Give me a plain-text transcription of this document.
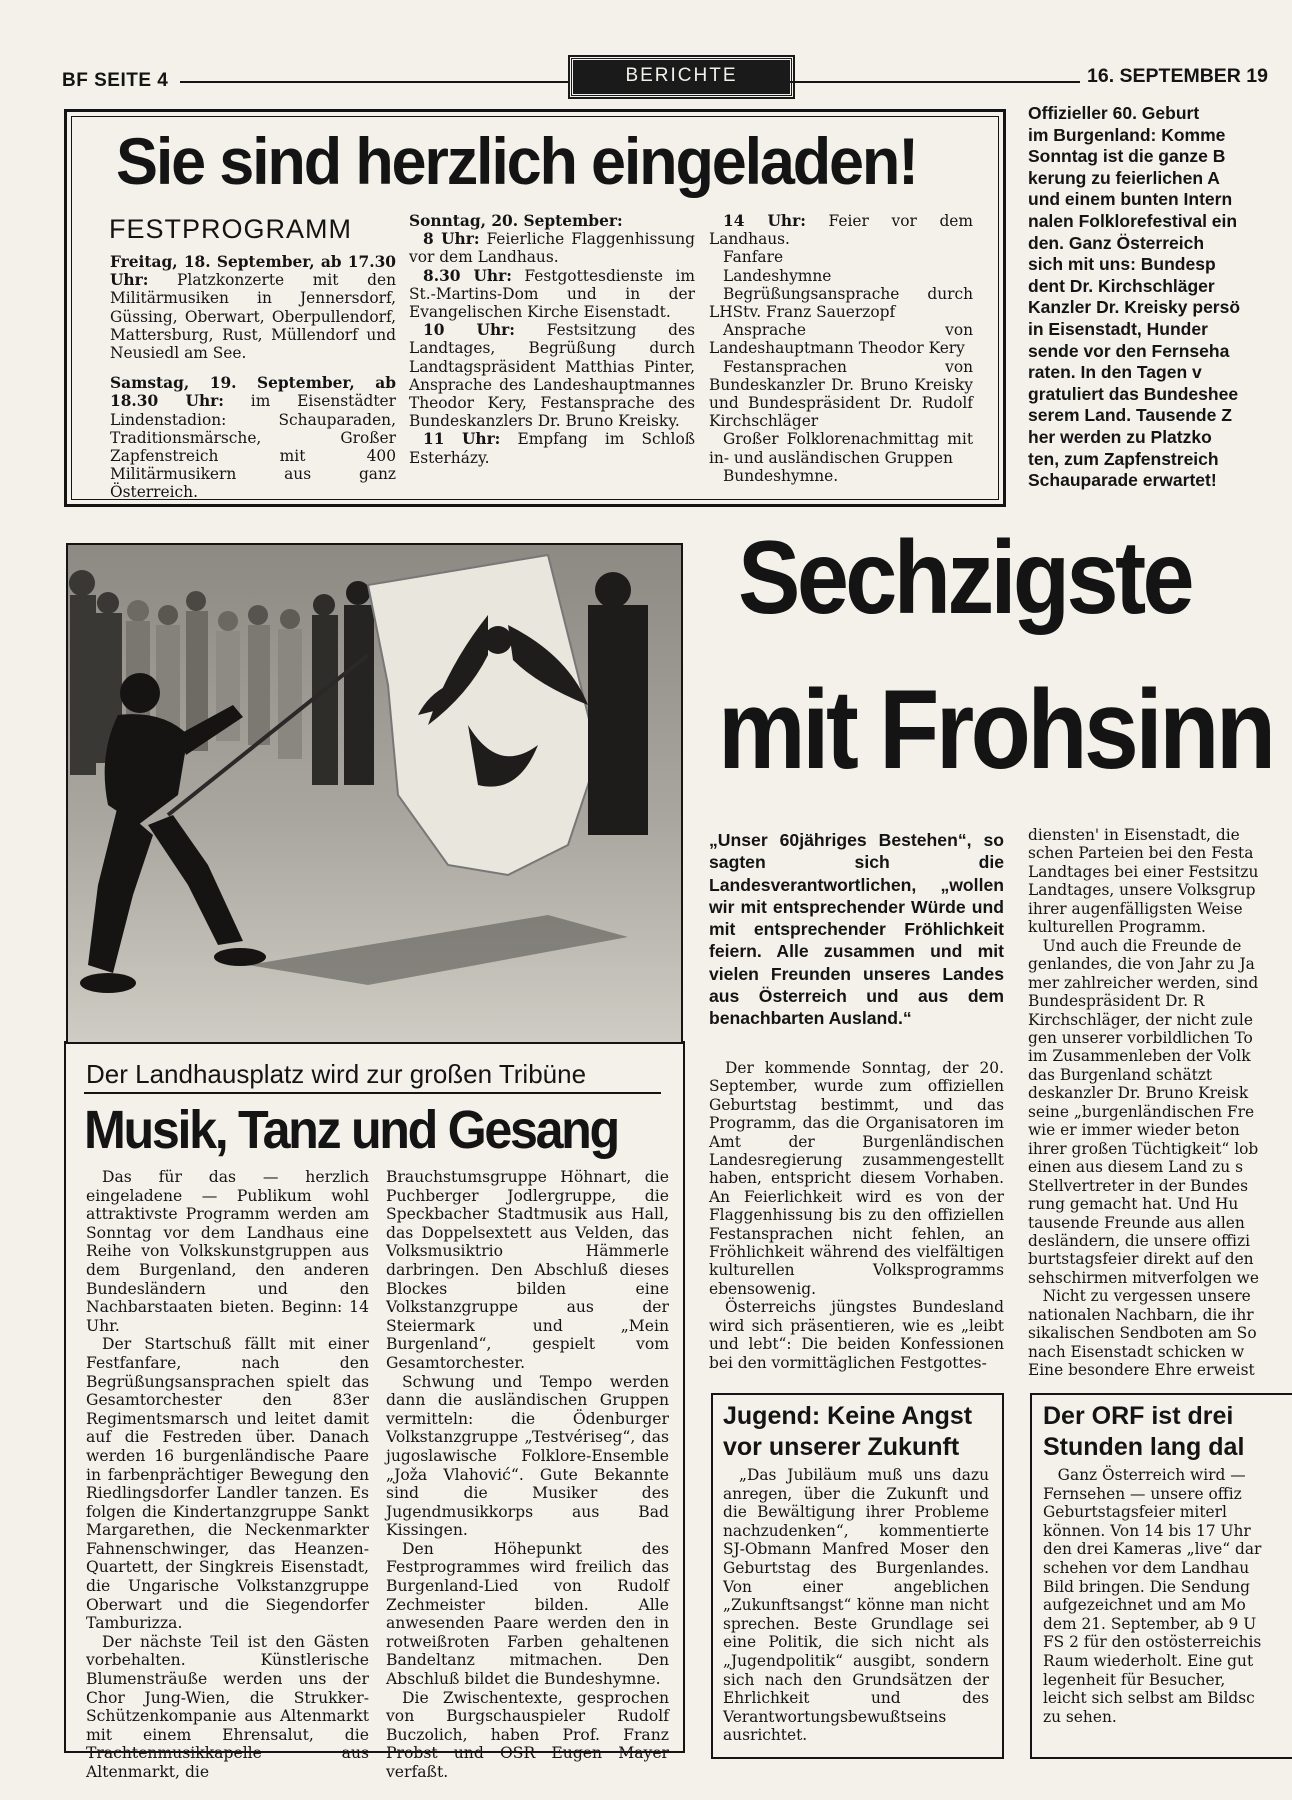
BF SEITE 4	BERICHTE	16. SEPTEMBER 19
Sie sind herzlich eingeladen!
FESTPROGRAMM

Freitag, 18. September, ab 17.30 Uhr: Platzkonzerte mit den Militärmusiken in Jennersdorf, Güssing, Oberwart, Oberpullendorf, Mattersburg, Rust, Müllendorf und Neusiedl am See.

Samstag, 19. September, ab 18.30 Uhr: im Eisenstädter Lindenstadion: Schauparaden, Traditionsmärsche, Großer Zapfenstreich mit 400 Militärmusikern aus ganz Österreich.

Sonntag, 20. September:

8 Uhr: Feierliche Flaggenhissung vor dem Landhaus.

8.30 Uhr: Festgottesdienste im St.-Martins-Dom und in der Evangelischen Kirche Eisenstadt.

10 Uhr: Festsitzung des Landtages, Begrüßung durch Landtagspräsident Matthias Pinter, Ansprache des Landeshauptmannes Theodor Kery, Festansprache des Bundeskanzlers Dr. Bruno Kreisky.

11 Uhr: Empfang im Schloß Esterházy.

14 Uhr: Feier vor dem Landhaus.

Fanfare

Landeshymne

Begrüßungsansprache durch LHStv. Franz Sauerzopf

Ansprache von Landeshauptmann Theodor Kery

Festansprachen von Bundeskanzler Dr. Bruno Kreisky und Bundespräsident Dr. Rudolf Kirchschläger

Großer Folklorenachmittag mit in- und ausländischen Gruppen

Bundeshymne.

Offizieller 60. Geburt
im Burgenland: Komme
Sonntag ist die ganze B
kerung zu feierlichen A
und einem bunten Intern
nalen Folklorefestival ein
den. Ganz Österreich
sich mit uns: Bundesp
dent Dr. Kirchschläger
Kanzler Dr. Kreisky persö
in Eisenstadt, Hunder
sende vor den Fernseha
raten. In den Tagen v
gratuliert das Bundeshee
serem Land. Tausende Z
her werden zu Platzko
ten, zum Zapfenstreich
Schauparade erwartet!
Sechzigste
mit Frohsinn
Der Landhausplatz wird zur großen Tribüne
Musik, Tanz und Gesang

Das für das — herzlich eingeladene — Publikum wohl attraktivste Programm werden am Sonntag vor dem Landhaus eine Reihe von Volkskunstgruppen aus dem Burgenland, den anderen Bundesländern und den Nachbarstaaten bieten. Beginn: 14 Uhr.

Der Startschuß fällt mit einer Festfanfare, nach den Begrüßungsansprachen spielt das Gesamtorchester den 83er Regimentsmarsch und leitet damit auf die Festreden über. Danach werden 16 burgenländische Paare in farbenprächtiger Bewegung den Riedlingsdorfer Landler tanzen. Es folgen die Kindertanzgruppe Sankt Margarethen, die Neckenmarkter Fahnenschwinger, das Heanzen-Quartett, der Singkreis Eisenstadt, die Ungarische Volkstanzgruppe Oberwart und die Siegendorfer Tamburizza.

Der nächste Teil ist den Gästen vorbehalten. Künstlerische Blumensträuße werden uns der Chor Jung-Wien, die Strukker-Schützenkompanie aus Altenmarkt mit einem Ehrensalut, die Trachtenmusikkapelle aus Altenmarkt, die

Brauchstumsgruppe Höhnart, die Puchberger Jodlergruppe, die Speckbacher Stadtmusik aus Hall, das Doppelsextett aus Velden, das Volksmusiktrio Hämmerle darbringen. Den Abschluß dieses Blockes bilden eine Volkstanzgruppe aus der Steiermark und „Mein Burgenland“, gespielt vom Gesamtorchester.

Schwung und Tempo werden dann die ausländischen Gruppen vermitteln: die Ödenburger Volkstanzgruppe „Testvériseg“, das jugoslawische Folklore-Ensemble „Joža Vlahović“. Gute Bekannte sind die Musiker des Jugendmusikkorps aus Bad Kissingen.

Den Höhepunkt des Festprogrammes wird freilich das Burgenland-Lied von Rudolf Zechmeister bilden. Alle anwesenden Paare werden den in rotweißroten Farben gehaltenen Bandeltanz mitmachen. Den Abschluß bildet die Bundeshymne.

Die Zwischentexte, gesprochen von Burgschauspieler Rudolf Buczolich, haben Prof. Franz Probst und OSR Eugen Mayer verfaßt.

„Unser 60jähriges Bestehen“, so sagten sich die Landesverantwortlichen, „wollen wir mit entsprechender Würde und mit entsprechender Fröhlichkeit feiern. Alle zusammen und mit vielen Freunden unseres Landes aus Österreich und aus dem benachbarten Ausland.“

Der kommende Sonntag, der 20. September, wurde zum offiziellen Geburtstag bestimmt, und das Programm, das die Organisatoren im Amt der Burgenländischen Landesregierung zusammengestellt haben, entspricht diesem Vorhaben. An Feierlichkeit wird es von der Flaggenhissung bis zu den offiziellen Festansprachen nicht fehlen, an Fröhlichkeit während des vielfältigen kulturellen Volksprogramms ebensowenig.

Österreichs jüngstes Bundesland wird sich präsentieren, wie es „leibt und lebt“: Die beiden Konfessionen bei den vormittäglichen Festgottes-

diensten' in Eisenstadt, die
schen Parteien bei den Festa
Landtages bei einer Festsitzu
Landtages, unsere Volksgrup
ihrer augenfälligsten Weise
kulturellen Programm.
Und auch die Freunde de
genlandes, die von Jahr zu Ja
mer zahlreicher werden, sind
Bundespräsident Dr. R
Kirchschläger, der nicht zule
gen unserer vorbildlichen To
im Zusammenleben der Volk
das Burgenland schätzt
deskanzler Dr. Bruno Kreisk
seine „burgenländischen Fre
wie er immer wieder beton
ihrer großen Tüchtigkeit“ lob
einen aus diesem Land zu s
Stellvertreter in der Bundes
rung gemacht hat. Und Hu
tausende Freunde aus allen
desländern, die unsere offizi
burtstagsfeier direkt auf den
sehschirmen mitverfolgen we
Nicht zu vergessen unsere
nationalen Nachbarn, die ihr
sikalischen Sendboten am So
nach Eisenstadt schicken w
Eine besondere Ehre erweist
Jugend: Keine Angst
vor unserer Zukunft

„Das Jubiläum muß uns dazu anregen, über die Zukunft und die Bewältigung ihrer Probleme nachzudenken“, kommentierte SJ-Obmann Manfred Moser den Geburtstag des Burgenlandes. Von einer angeblichen „Zukunftsangst“ könne man nicht sprechen. Beste Grundlage sei eine Politik, die sich nicht als „Jugendpolitik“ ausgibt, sondern sich nach den Grundsätzen der Ehrlichkeit und des Verantwortungsbewußtseins ausrichtet.

Der ORF ist drei
Stunden lang dal
Ganz Österreich wird —
Fernsehen — unsere offiz
Geburtstagsfeier miterl
können. Von 14 bis 17 Uhr
den drei Kameras „live“ dar
schehen vor dem Landhau
Bild bringen. Die Sendung
aufgezeichnet und am Mo
dem 21. September, ab 9 U
FS 2 für den ostösterreichis
Raum wiederholt. Eine gut
legenheit für Besucher,
leicht sich selbst am Bildsc
zu sehen.
